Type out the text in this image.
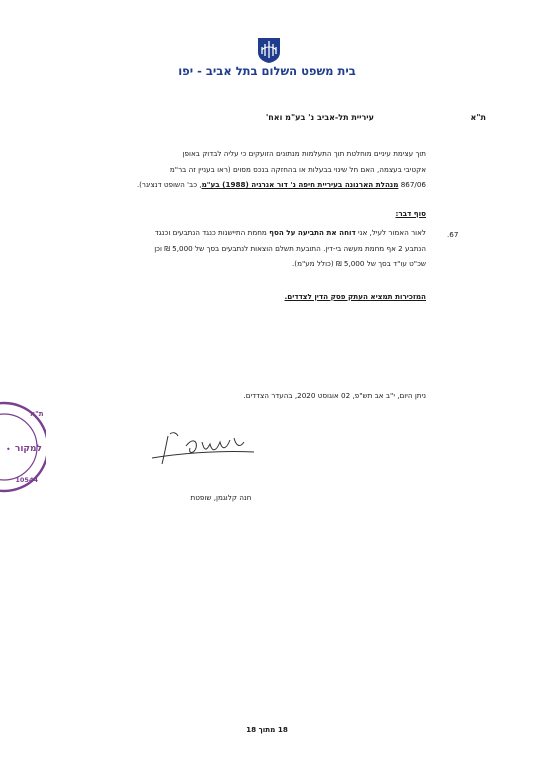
בית משפט השלום בתל אביב - יפו
ת"א
עיריית תל-אביב נ' בע"מ ואח'
תוך עצימת עיניים מוחלטת תוך התעלמות מנתונים הזועקים כי עליה לבדוק באופן
אקטיבי בעצמה, האם חל שינוי בבעלות או בהחזקה בנכס מסוים (ראו בעניין זה בר"מ
867/06 מנהלת הארנונה בעיריית חיפה נ' דור אנרגיה (1988) בע"מ, כב' השופט דנציגר).
סוף דבר:
.67
לאור האמור לעיל, אני דוחה את התביעה על הסף מחמת התיישנות כנגד הנתבעים וכנגד
הנתבע 2 אף מחמת מעשה בי-דין. התובעת תשלם הוצאות לנתבעים בסך של 5,000 ₪ וכן
שכ"ט עו"ד בסך של 5,000 ₪ (כולל מע"מ).
המזכירות תמציא העתק פסק הדין לצדדים.
ניתן היום, י"ב אב תש"פ, 02 אוגוסט 2020, בהעדר הצדדים.
ת"א
למקור
10544
•
חנה קלוגמן, שופטת
18 מתוך 18
